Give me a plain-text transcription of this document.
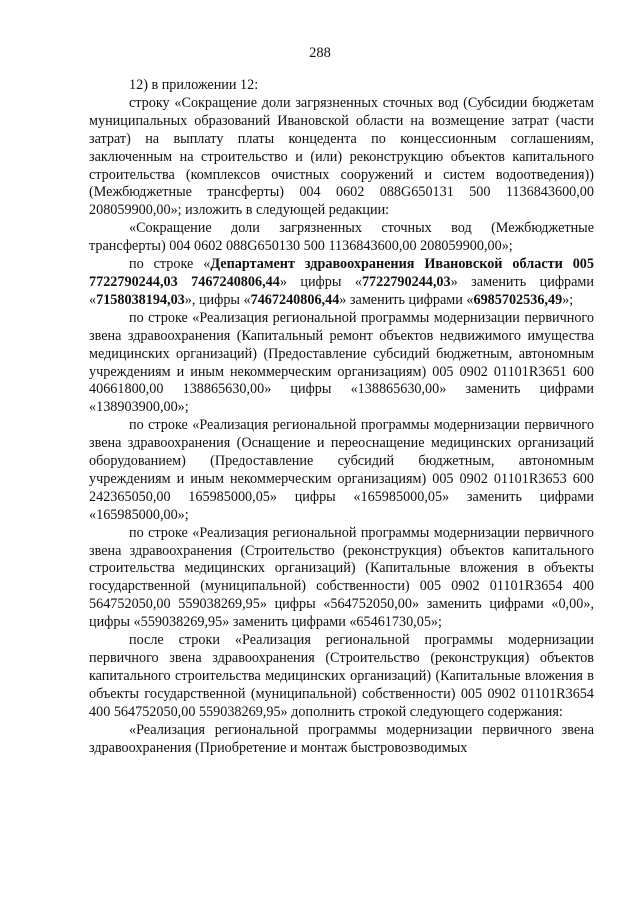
288

12) в приложении 12:

строку «Сокращение доли загрязненных сточных вод (Субсидии бюджетам муниципальных образований Ивановской области на возмещение затрат (части затрат) на выплату платы концедента по концессионным соглашениям, заключенным на строительство и (или) реконструкцию объектов капитального строительства (комплексов очистных сооружений и систем водоотведения)) (Межбюджетные трансферты) 004 0602 088G650131 500 1136843600,00 208059900,00»; изложить в следующей редакции:

«Сокращение доли загрязненных сточных вод (Межбюджетные трансферты) 004 0602 088G650130 500 1136843600,00 208059900,00»;

по строке «Департамент здравоохранения Ивановской области 005 7722790244,03 7467240806,44» цифры «7722790244,03» заменить цифрами «7158038194,03», цифры «7467240806,44» заменить цифрами «6985702536,49»;

по строке «Реализация региональной программы модернизации первичного звена здравоохранения (Капитальный ремонт объектов недвижимого имущества медицинских организаций) (Предоставление субсидий бюджетным, автономным учреждениям и иным некоммерческим организациям) 005 0902 01101R3651 600 40661800,00 138865630,00» цифры «138865630,00» заменить цифрами «138903900,00»;

по строке «Реализация региональной программы модернизации первичного звена здравоохранения (Оснащение и переоснащение медицинских организаций оборудованием) (Предоставление субсидий бюджетным, автономным учреждениям и иным некоммерческим организациям) 005 0902 01101R3653 600 242365050,00 165985000,05» цифры «165985000,05» заменить цифрами «165985000,00»;

по строке «Реализация региональной программы модернизации первичного звена здравоохранения (Строительство (реконструкция) объектов капитального строительства медицинских организаций) (Капитальные вложения в объекты государственной (муниципальной) собственности) 005 0902 01101R3654 400 564752050,00 559038269,95» цифры «564752050,00» заменить цифрами «0,00», цифры «559038269,95» заменить цифрами «65461730,05»;

после строки «Реализация региональной программы модернизации первичного звена здравоохранения (Строительство (реконструкция) объектов капитального строительства медицинских организаций) (Капитальные вложения в объекты государственной (муниципальной) собственности) 005 0902 01101R3654 400 564752050,00 559038269,95» дополнить строкой следующего содержания:

«Реализация региональной программы модернизации первичного звена здравоохранения (Приобретение и монтаж быстровозводимых
